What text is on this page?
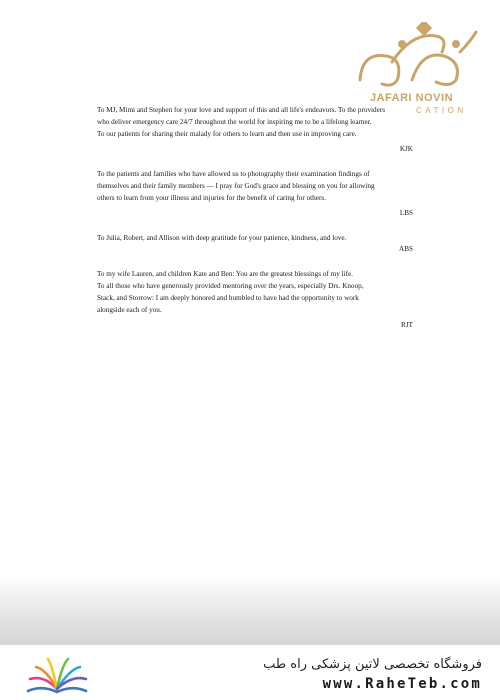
JAFARI NOVIN
CATION

To MJ, Mimi and Stephen for your love and support of this and all life's endeavors. To the providers

who deliver emergency care 24/7 throughout the world for inspiring me to be a lifelong learner.

To our patients for sharing their malady for others to learn and then use in improving care.

KJK

To the patients and families who have allowed us to photography their examination findings of

themselves and their family members — I pray for God's grace and blessing on you for allowing

others to learn from your illness and injuries for the benefit of caring for others.

LBS

To Julia, Robert, and Allison with deep gratitude for your patience, kindness, and love.

ABS

To my wife Lauren, and children Kate and Ben: You are the greatest blessings of my life.

To all those who have generously provided mentoring over the years, especially Drs. Knoop,

Stack, and Storrow: I am deeply honored and humbled to have had the opportunity to work

alongside each of you.

RJT
فروشگاه تخصصی لاتین پزشکی راه طب
www.RaheTeb.com
